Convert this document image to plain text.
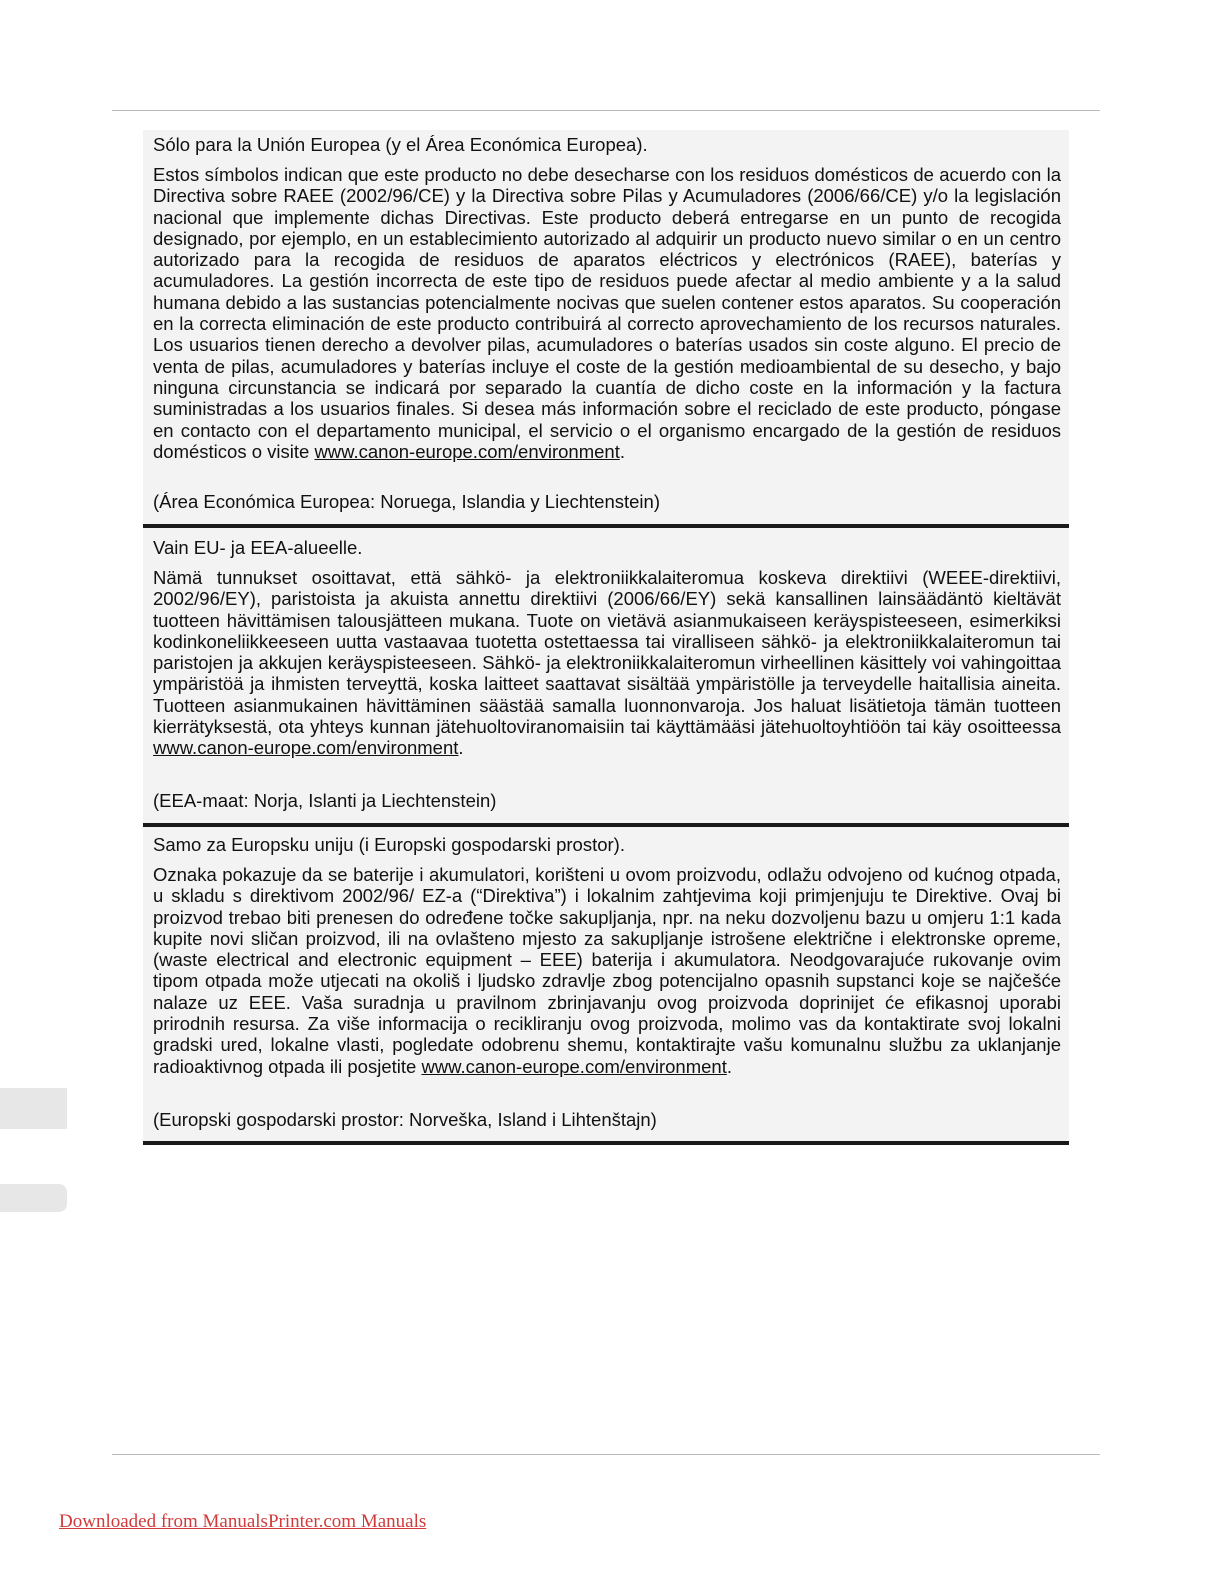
Sólo para la Unión Europea (y el Área Económica Europea).

Estos símbolos indican que este producto no debe desecharse con los residuos domésticos de acuerdo con la Directiva sobre RAEE (2002/96/CE) y la Directiva sobre Pilas y Acumuladores (2006/66/CE) y/o la legislación nacional que implemente dichas Directivas. Este producto deberá entregarse en un punto de recogida designado, por ejemplo, en un establecimiento autorizado al adquirir un producto nuevo similar o en un centro autorizado para la recogida de residuos de aparatos eléctricos y electrónicos (RAEE), baterías y acumuladores. La gestión incorrecta de este tipo de residuos puede afectar al medio ambiente y a la salud humana debido a las sustancias potencialmente nocivas que suelen contener estos aparatos. Su cooperación en la correcta eliminación de este producto contribuirá al correcto aprovechamiento de los recursos naturales. Los usuarios tienen derecho a devolver pilas, acumuladores o baterías usados sin coste alguno. El precio de venta de pilas, acumuladores y baterías incluye el coste de la gestión medioambiental de su desecho, y bajo ninguna circunstancia se indicará por separado la cuantía de dicho coste en la información y la factura suministradas a los usuarios finales. Si desea más información sobre el reciclado de este producto, póngase en contacto con el departamento municipal, el servicio o el organismo encargado de la gestión de residuos domésticos o visite www.canon-europe.com/environment.

(Área Económica Europea: Noruega, Islandia y Liechtenstein)

Vain EU- ja EEA-alueelle.

Nämä tunnukset osoittavat, että sähkö- ja elektroniikkalaiteromua koskeva direktiivi (WEEE-direktiivi, 2002/96/EY), paristoista ja akuista annettu direktiivi (2006/66/EY) sekä kansallinen lainsäädäntö kieltävät tuotteen hävittämisen talousjätteen mukana. Tuote on vietävä asianmukaiseen keräyspisteeseen, esimerkiksi kodinkoneliikkeeseen uutta vastaavaa tuotetta ostettaessa tai viralliseen sähkö- ja elektroniikkalaiteromun tai paristojen ja akkujen keräyspisteeseen. Sähkö- ja elektroniikkalaiteromun virheellinen käsittely voi vahingoittaa ympäristöä ja ihmisten terveyttä, koska laitteet saattavat sisältää ympäristölle ja terveydelle haitallisia aineita. Tuotteen asianmukainen hävittäminen säästää samalla luonnonvaroja. Jos haluat lisätietoja tämän tuotteen kierrätyksestä, ota yhteys kunnan jätehuoltoviranomaisiin tai käyttämääsi jätehuoltoyhtiöön tai käy osoitteessa www.canon-europe.com/environment.

(EEA-maat: Norja, Islanti ja Liechtenstein)

Samo za Europsku uniju (i Europski gospodarski prostor).

Oznaka pokazuje da se baterije i akumulatori, korišteni u ovom proizvodu, odlažu odvojeno od kućnog otpada, u skladu s direktivom 2002/96/ EZ-a (“Direktiva”) i lokalnim zahtjevima koji primjenjuju te Direktive. Ovaj bi proizvod trebao biti prenesen do određene točke sakupljanja, npr. na neku dozvoljenu bazu u omjeru 1:1 kada kupite novi sličan proizvod, ili na ovlašteno mjesto za sakupljanje istrošene električne i elektronske opreme, (waste electrical and electronic equipment – EEE) baterija i akumulatora. Neodgovarajuće rukovanje ovim tipom otpada može utjecati na okoliš i ljudsko zdravlje zbog potencijalno opasnih supstanci koje se najčešće nalaze uz EEE. Vaša suradnja u pravilnom zbrinjavanju ovog proizvoda doprinijet će efikasnoj uporabi prirodnih resursa. Za više informacija o recikliranju ovog proizvoda, molimo vas da kontaktirate svoj lokalni gradski ured, lokalne vlasti, pogledate odobrenu shemu, kontaktirajte vašu komunalnu službu za uklanjanje radioaktivnog otpada ili posjetite www.canon-europe.com/environment.

(Europski gospodarski prostor: Norveška, Island i Lihtenštajn)

Downloaded from ManualsPrinter.com Manuals
